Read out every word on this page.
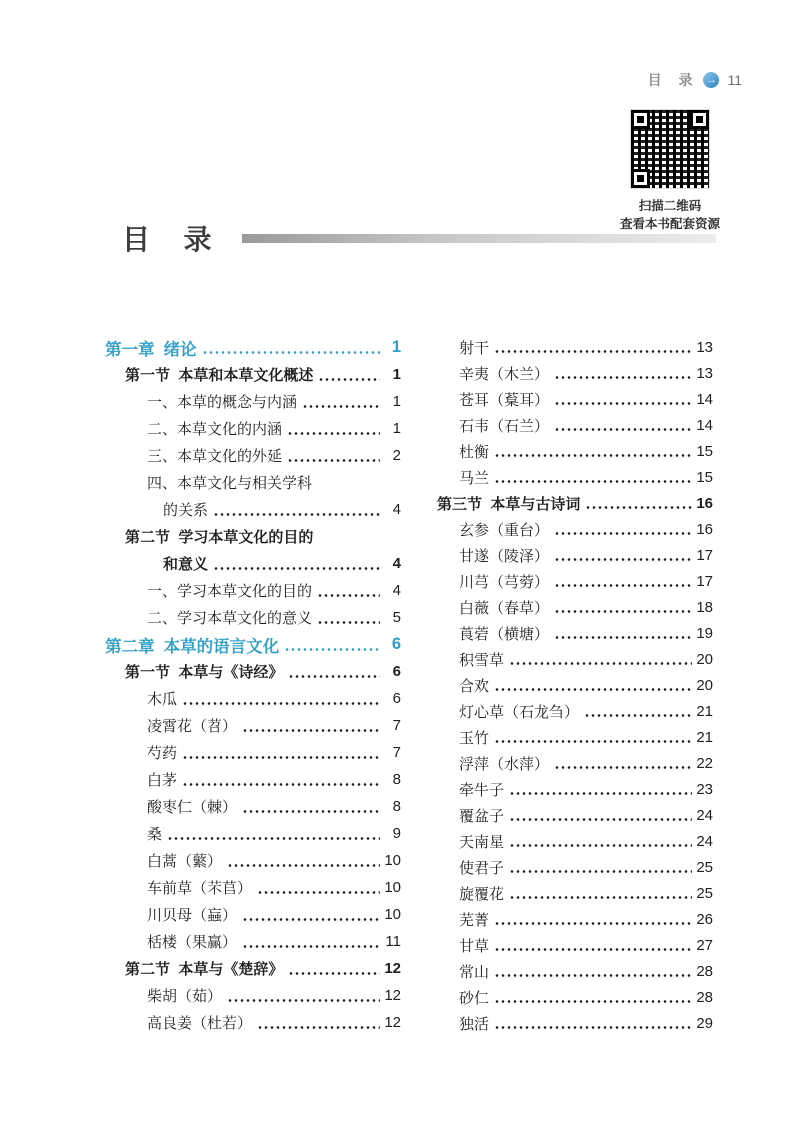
目  录 → 11
扫描二维码
查看本书配套资源
目  录
第一章  绪论	1
第一节  本草和本草文化概述	1
一、本草的概念与内涵	1
二、本草文化的内涵	1
三、本草文化的外延	2
四、本草文化与相关学科
的关系	4
第二节  学习本草文化的目的
和意义	4
一、学习本草文化的目的	4
二、学习本草文化的意义	5
第二章  本草的语言文化	6
第一节  本草与《诗经》	6
木瓜	6
凌霄花（苕）	7
芍药	7
白茅	8
酸枣仁（棘）	8
桑	9
白蒿（蘩）	10
车前草（芣苢）	10
川贝母（蝱）	10
栝楼（果赢）	11
第二节  本草与《楚辞》	12
柴胡（茹）	12
高良姜（杜若）	12
射干	13
辛夷（木兰）	13
苍耳（葈耳）	14
石韦（石兰）	14
杜衡	15
马兰	15
第三节  本草与古诗词	16
玄参（重台）	16
甘遂（陵泽）	17
川芎（芎䓖）	17
白薇（春草）	18
莨菪（横塘）	19
积雪草	20
合欢	20
灯心草（石龙刍）	21
玉竹	21
浮萍（水萍）	22
牵牛子	23
覆盆子	24
天南星	24
使君子	25
旋覆花	25
芜菁	26
甘草	27
常山	28
砂仁	28
独活	29
